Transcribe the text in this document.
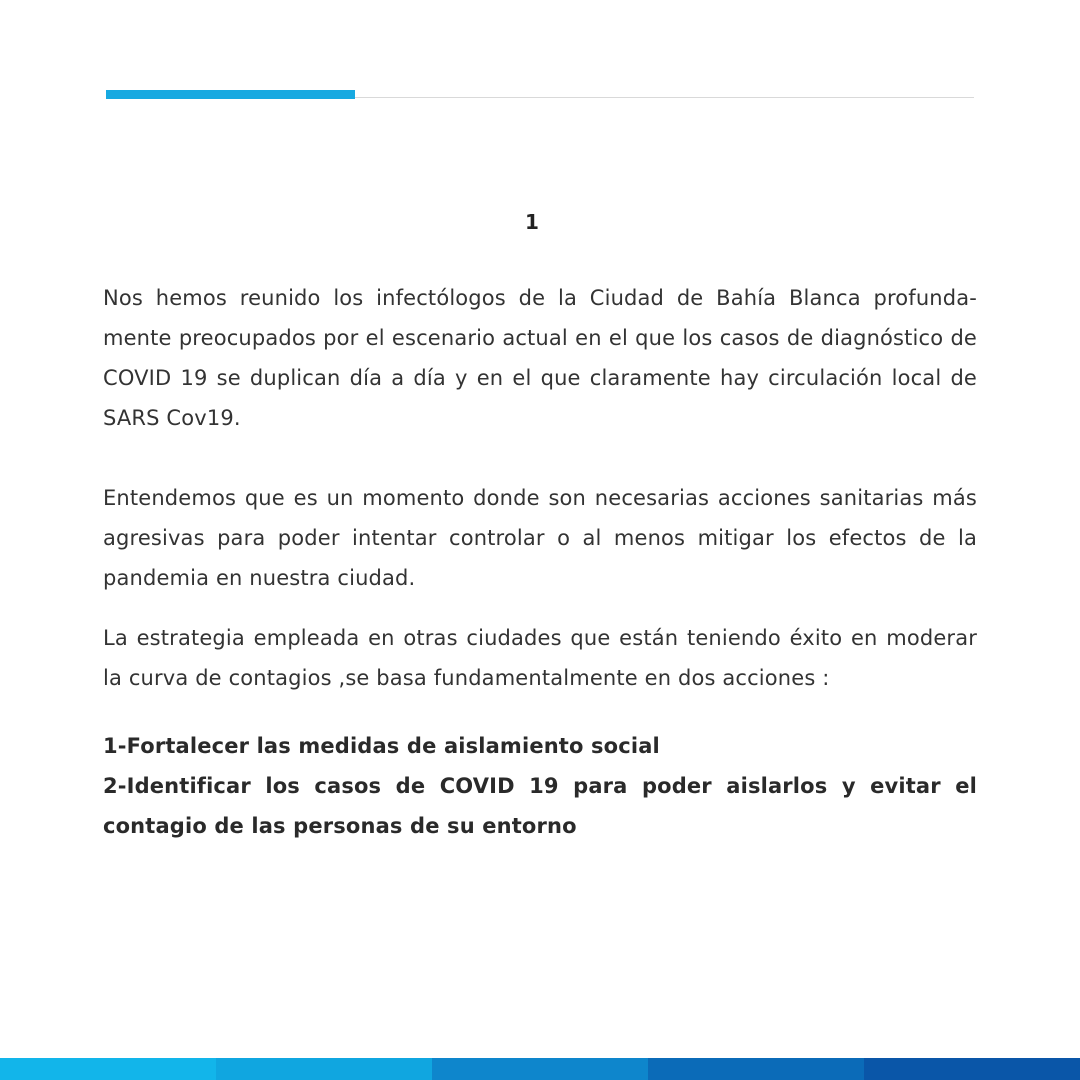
1

Nos hemos reunido los infectólogos de la Ciudad de Bahía Blanca profunda-mente preocupados por el escenario actual en el que los casos de diagnóstico de COVID 19 se duplican día a día y en el que claramente hay circulación local de SARS Cov19.

Entendemos que es un momento donde son necesarias acciones sanitarias más agresivas para poder intentar controlar o al menos mitigar los efectos de la pandemia en nuestra ciudad.

La estrategia empleada en otras ciudades que están teniendo éxito en moderar la curva de contagios ,se basa fundamentalmente en dos acciones :

1-Fortalecer las medidas de aislamiento social
2-Identificar los casos de COVID 19 para poder aislarlos y evitar el contagio de las personas de su entorno
